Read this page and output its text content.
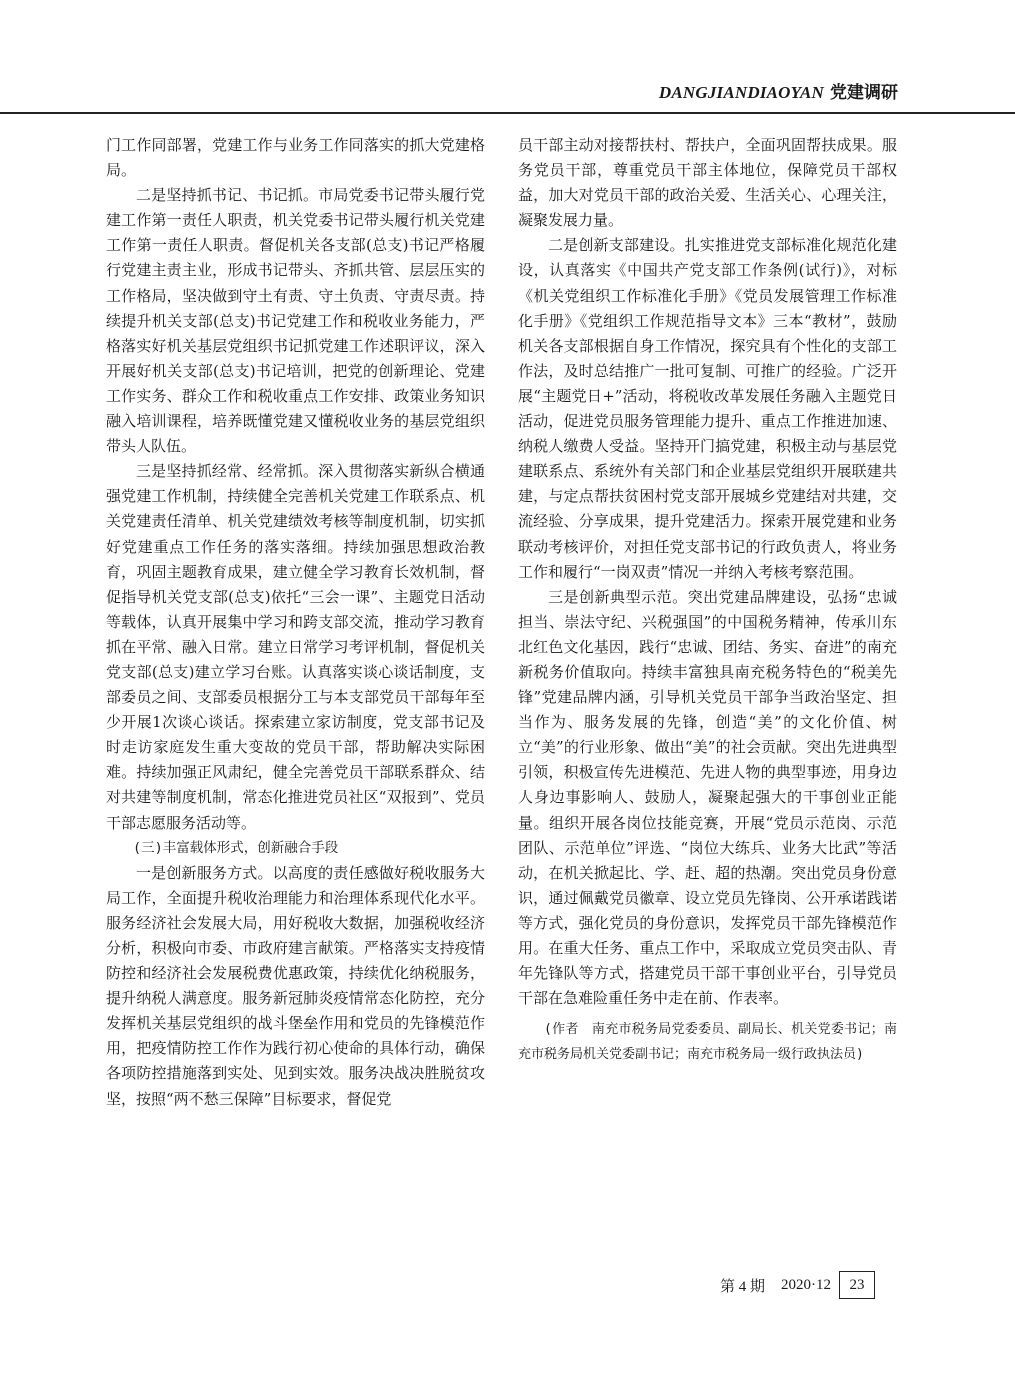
DANGJIANDIAOYAN 党建调研

门工作同部署，党建工作与业务工作同落实的抓大党建格局。

二是坚持抓书记、书记抓。市局党委书记带头履行党建工作第一责任人职责，机关党委书记带头履行机关党建工作第一责任人职责。督促机关各支部(总支)书记严格履行党建主责主业，形成书记带头、齐抓共管、层层压实的工作格局，坚决做到守土有责、守土负责、守责尽责。持续提升机关支部(总支)书记党建工作和税收业务能力，严格落实好机关基层党组织书记抓党建工作述职评议，深入开展好机关支部(总支)书记培训，把党的创新理论、党建工作实务、群众工作和税收重点工作安排、政策业务知识融入培训课程，培养既懂党建又懂税收业务的基层党组织带头人队伍。

三是坚持抓经常、经常抓。深入贯彻落实新纵合横通强党建工作机制，持续健全完善机关党建工作联系点、机关党建责任清单、机关党建绩效考核等制度机制，切实抓好党建重点工作任务的落实落细。持续加强思想政治教育，巩固主题教育成果，建立健全学习教育长效机制，督促指导机关党支部(总支)依托“三会一课”、主题党日活动等载体，认真开展集中学习和跨支部交流，推动学习教育抓在平常、融入日常。建立日常学习考评机制，督促机关党支部(总支)建立学习台账。认真落实谈心谈话制度，支部委员之间、支部委员根据分工与本支部党员干部每年至少开展1次谈心谈话。探索建立家访制度，党支部书记及时走访家庭发生重大变故的党员干部，帮助解决实际困难。持续加强正风肃纪，健全完善党员干部联系群众、结对共建等制度机制，常态化推进党员社区“双报到”、党员干部志愿服务活动等。

(三)丰富载体形式，创新融合手段

一是创新服务方式。以高度的责任感做好税收服务大局工作，全面提升税收治理能力和治理体系现代化水平。服务经济社会发展大局，用好税收大数据，加强税收经济分析，积极向市委、市政府建言献策。严格落实支持疫情防控和经济社会发展税费优惠政策，持续优化纳税服务，提升纳税人满意度。服务新冠肺炎疫情常态化防控，充分发挥机关基层党组织的战斗堡垒作用和党员的先锋模范作用，把疫情防控工作作为践行初心使命的具体行动，确保各项防控措施落到实处、见到实效。服务决战决胜脱贫攻坚，按照“两不愁三保障”目标要求，督促党

员干部主动对接帮扶村、帮扶户，全面巩固帮扶成果。服务党员干部，尊重党员干部主体地位，保障党员干部权益，加大对党员干部的政治关爱、生活关心、心理关注，凝聚发展力量。

二是创新支部建设。扎实推进党支部标准化规范化建设，认真落实《中国共产党支部工作条例(试行)》，对标《机关党组织工作标准化手册》《党员发展管理工作标准化手册》《党组织工作规范指导文本》三本“教材”，鼓励机关各支部根据自身工作情况，探究具有个性化的支部工作法，及时总结推广一批可复制、可推广的经验。广泛开展“主题党日+”活动，将税收改革发展任务融入主题党日活动，促进党员服务管理能力提升、重点工作推进加速、纳税人缴费人受益。坚持开门搞党建，积极主动与基层党建联系点、系统外有关部门和企业基层党组织开展联建共建，与定点帮扶贫困村党支部开展城乡党建结对共建，交流经验、分享成果，提升党建活力。探索开展党建和业务联动考核评价，对担任党支部书记的行政负责人，将业务工作和履行“一岗双责”情况一并纳入考核考察范围。

三是创新典型示范。突出党建品牌建设，弘扬“忠诚担当、崇法守纪、兴税强国”的中国税务精神，传承川东北红色文化基因，践行“忠诚、团结、务实、奋进”的南充新税务价值取向。持续丰富独具南充税务特色的“税美先锋”党建品牌内涵，引导机关党员干部争当政治坚定、担当作为、服务发展的先锋，创造“美”的文化价值、树立“美”的行业形象、做出“美”的社会贡献。突出先进典型引领，积极宣传先进模范、先进人物的典型事迹，用身边人身边事影响人、鼓励人，凝聚起强大的干事创业正能量。组织开展各岗位技能竞赛，开展“党员示范岗、示范团队、示范单位”评选、“岗位大练兵、业务大比武”等活动，在机关掀起比、学、赶、超的热潮。突出党员身份意识，通过佩戴党员徽章、设立党员先锋岗、公开承诺践诺等方式，强化党员的身份意识，发挥党员干部先锋模范作用。在重大任务、重点工作中，采取成立党员突击队、青年先锋队等方式，搭建党员干部干事创业平台，引导党员干部在急难险重任务中走在前、作表率。

(作者　南充市税务局党委委员、副局长、机关党委书记；南充市税务局机关党委副书记；南充市税务局一级行政执法员)

第 4 期 2020·12	23
